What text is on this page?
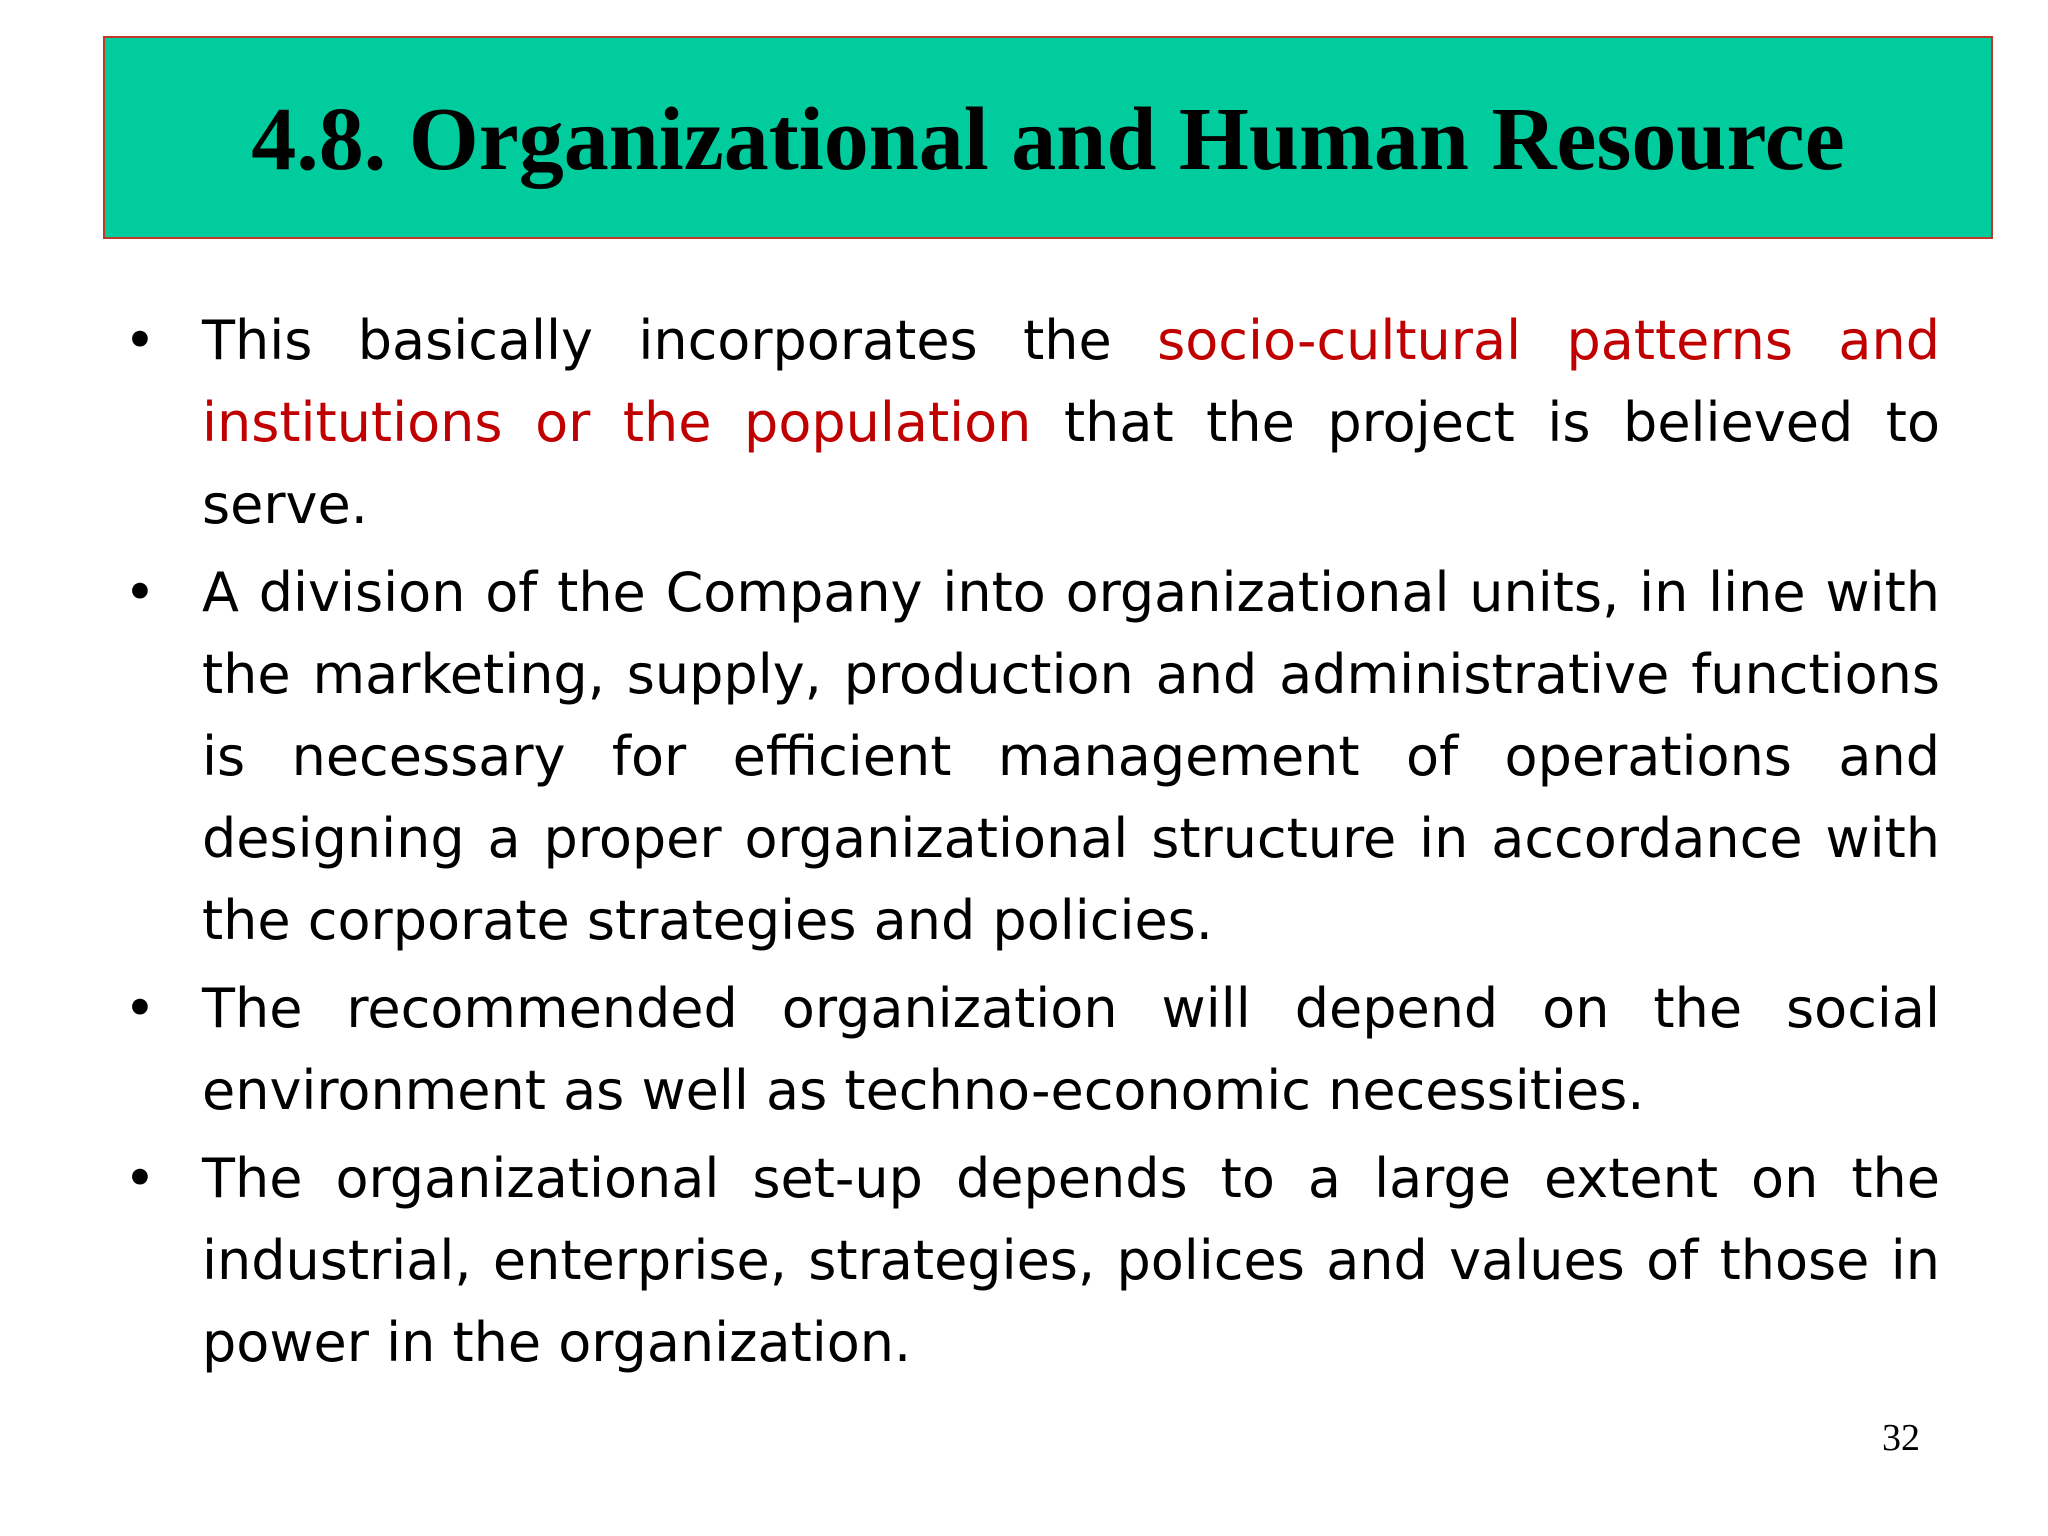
4.8. Organizational and Human Resource
• This basically incorporates the socio-cultural patterns and institutions or the population that the project is believed to serve.
• A division of the Company into organizational units, in line with the marketing, supply, production and administrative functions is necessary for efficient management of operations and designing a proper organizational structure in accordance with the corporate strategies and policies.
• The recommended organization will depend on the social environment as well as techno-economic necessities.
• The organizational set-up depends to a large extent on the industrial, enterprise, strategies, polices and values of those in power in the organization.
32
